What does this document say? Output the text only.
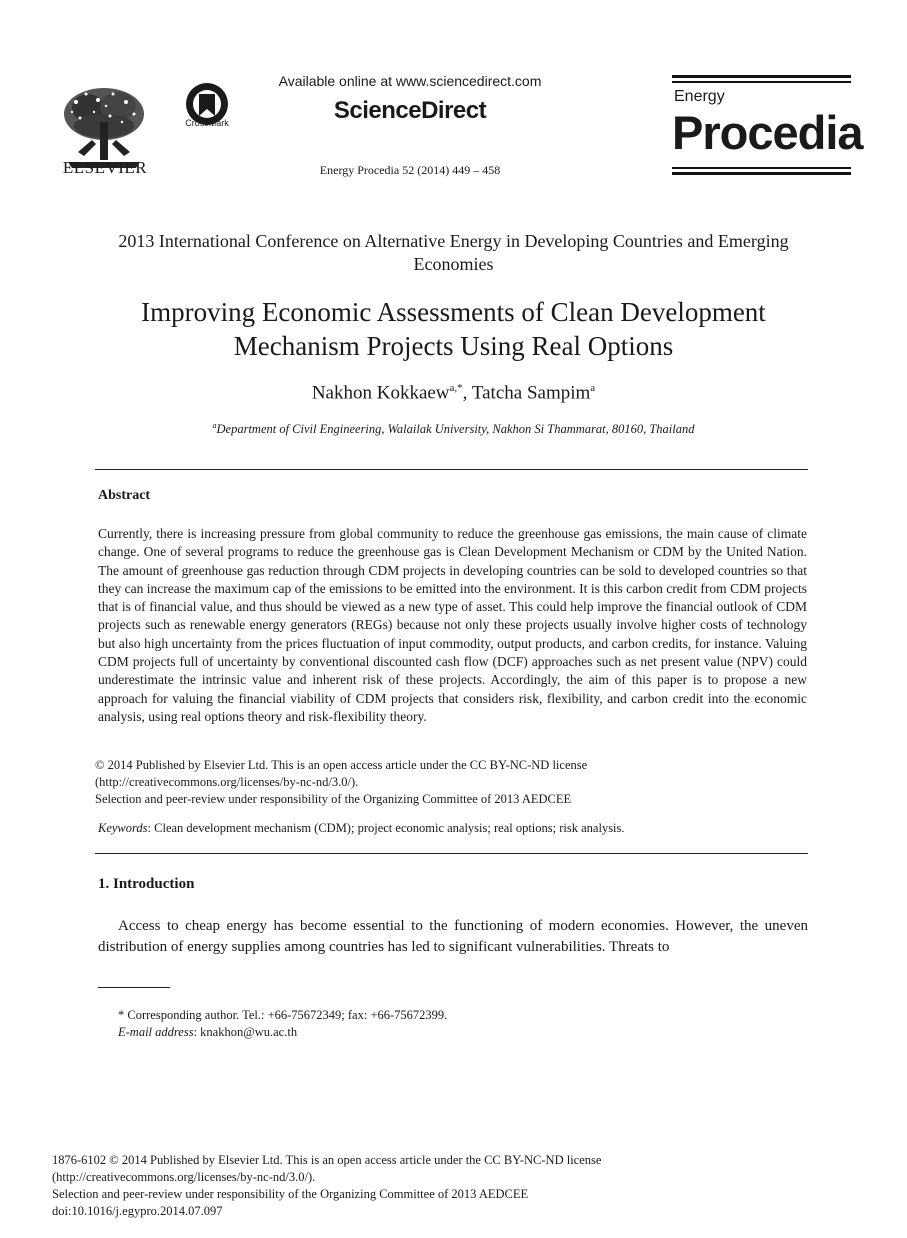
ELSEVIER
CrossMark
Available online at www.sciencedirect.com
ScienceDirect
Energy Procedia 52 (2014) 449 – 458
Energy
Procedia
2013 International Conference on Alternative Energy in Developing Countries and Emerging Economies
Improving Economic Assessments of Clean Development Mechanism Projects Using Real Options
Nakhon Kokkaew$^{a,*}$, Tatcha Sampim$^a$
$^a$Department of Civil Engineering, Walailak University, Nakhon Si Thammarat, 80160, Thailand
Abstract
Currently, there is increasing pressure from global community to reduce the greenhouse gas emissions, the main cause of climate change. One of several programs to reduce the greenhouse gas is Clean Development Mechanism or CDM by the United Nation. The amount of greenhouse gas reduction through CDM projects in developing countries can be sold to developed countries so that they can increase the maximum cap of the emissions to be emitted into the environment. It is this carbon credit from CDM projects that is of financial value, and thus should be viewed as a new type of asset. This could help improve the financial outlook of CDM projects such as renewable energy generators (REGs) because not only these projects usually involve higher costs of technology but also high uncertainty from the prices fluctuation of input commodity, output products, and carbon credits, for instance. Valuing CDM projects full of uncertainty by conventional discounted cash flow (DCF) approaches such as net present value (NPV) could underestimate the intrinsic value and inherent risk of these projects. Accordingly, the aim of this paper is to propose a new approach for valuing the financial viability of CDM projects that considers risk, flexibility, and carbon credit into the economic analysis, using real options theory and risk-flexibility theory.
© 2014 Published by Elsevier Ltd. This is an open access article under the CC BY-NC-ND license
(http://creativecommons.org/licenses/by-nc-nd/3.0/).
Selection and peer-review under responsibility of the Organizing Committee of 2013 AEDCEE
Keywords: Clean development mechanism (CDM); project economic analysis; real options; risk analysis.
1. Introduction
Access to cheap energy has become essential to the functioning of modern economies. However, the uneven distribution of energy supplies among countries has led to significant vulnerabilities. Threats to
* Corresponding author. Tel.: +66-75672349; fax: +66-75672399.
E-mail address: knakhon@wu.ac.th
1876-6102 © 2014 Published by Elsevier Ltd. This is an open access article under the CC BY-NC-ND license
(http://creativecommons.org/licenses/by-nc-nd/3.0/).
Selection and peer-review under responsibility of the Organizing Committee of 2013 AEDCEE
doi:10.1016/j.egypro.2014.07.097
